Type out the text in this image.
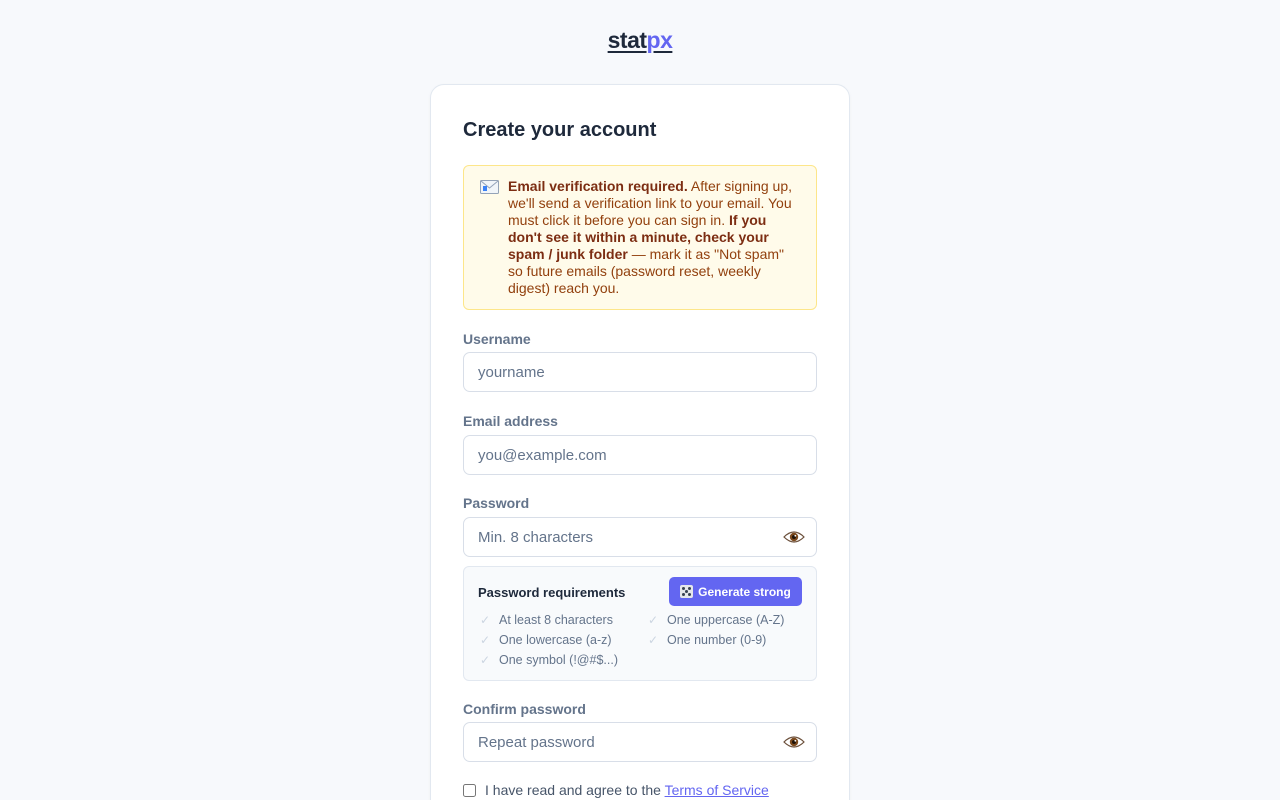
statpx
Create your account
Email verification required. After signing up, we'll send a verification link to your email. You must click it before you can sign in. If you don't see it within a minute, check your spam / junk folder — mark it as "Not spam" so future emails (password reset, weekly digest) reach you.
Username
yourname
Email address
you@example.com
Password
Password requirements	Generate strong
✓ At least 8 characters	✓ One uppercase (A-Z)
✓ One lowercase (a-z)	✓ One number (0-9)
✓ One symbol (!@#$...)
Confirm password
I have read and agree to the Terms of Service
